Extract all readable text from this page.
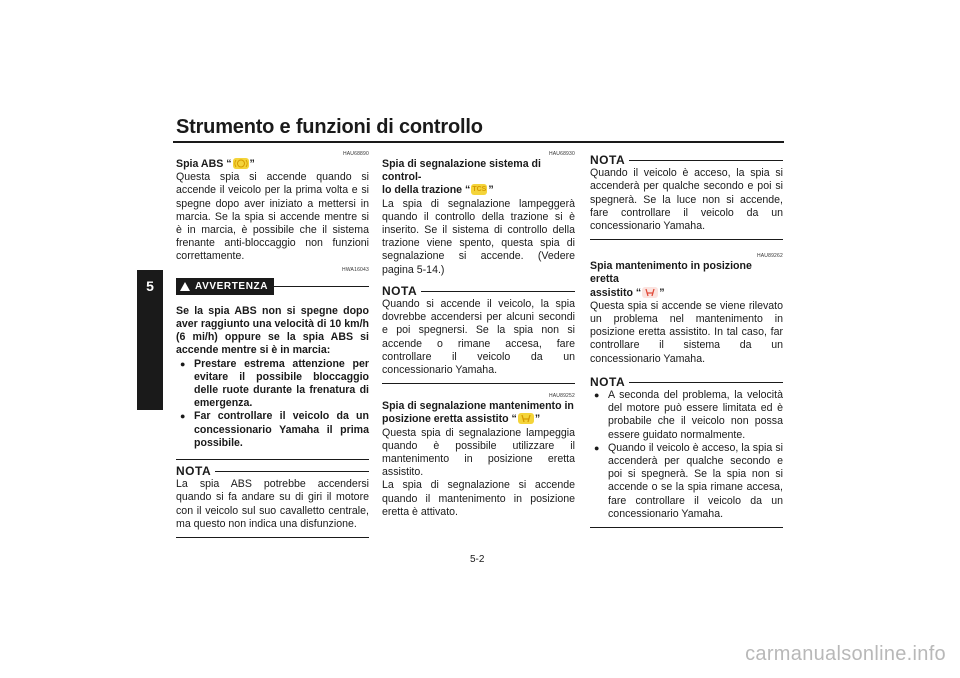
Strumento e funzioni di controllo
5
HAU68890
Spia ABS “ ”

Questa spia si accende quando si accende il veicolo per la prima volta e si spegne dopo aver iniziato a mettersi in marcia. Se la spia si accende mentre si è in marcia, è possibile che il sistema frenante anti-bloccaggio non funzioni correttamente.

HWA16043
AVVERTENZA

Se la spia ABS non si spegne dopo aver raggiunto una velocità di 10 km/h (6 mi/h) oppure se la spia ABS si accende mentre si è in marcia:

● Prestare estrema attenzione per evitare il possibile bloccaggio delle ruote durante la frenatura di emergenza.
● Far controllare il veicolo da un concessionario Yamaha il prima possibile.
NOTA

La spia ABS potrebbe accendersi quando si fa andare su di giri il motore con il veicolo sul suo cavalletto centrale, ma questo non indica una disfunzione.

HAU68930
Spia di segnalazione sistema di control-
lo della trazione “ TCS ”

La spia di segnalazione lampeggerà quando il controllo della trazione si è inserito. Se il sistema di controllo della trazione viene spento, questa spia di segnalazione si accende. (Vedere pagina 5-14.)

NOTA

Quando si accende il veicolo, la spia dovrebbe accendersi per alcuni secondi e poi spegnersi. Se la spia non si accende o rimane accesa, fare controllare il veicolo da un concessionario Yamaha.

HAU89252
Spia di segnalazione mantenimento in
posizione eretta assistito “ ”

Questa spia di segnalazione lampeggia quando è possibile utilizzare il mantenimento in posizione eretta assistito.

La spia di segnalazione si accende quando il mantenimento in posizione eretta è attivato.

NOTA

Quando il veicolo è acceso, la spia si accenderà per qualche secondo e poi si spegnerà. Se la luce non si accende, fare controllare il veicolo da un concessionario Yamaha.

HAU89262
Spia mantenimento in posizione eretta
assistito “ ”

Questa spia si accende se viene rilevato un problema nel mantenimento in posizione eretta assistito. In tal caso, far controllare il sistema da un concessionario Yamaha.

NOTA
● A seconda del problema, la velocità del motore può essere limitata ed è probabile che il veicolo non possa essere guidato normalmente.
● Quando il veicolo è acceso, la spia si accenderà per qualche secondo e poi si spegnerà. Se la spia non si accende o se la spia rimane accesa, fare controllare il veicolo da un concessionario Yamaha.
5-2
carmanualsonline.info
